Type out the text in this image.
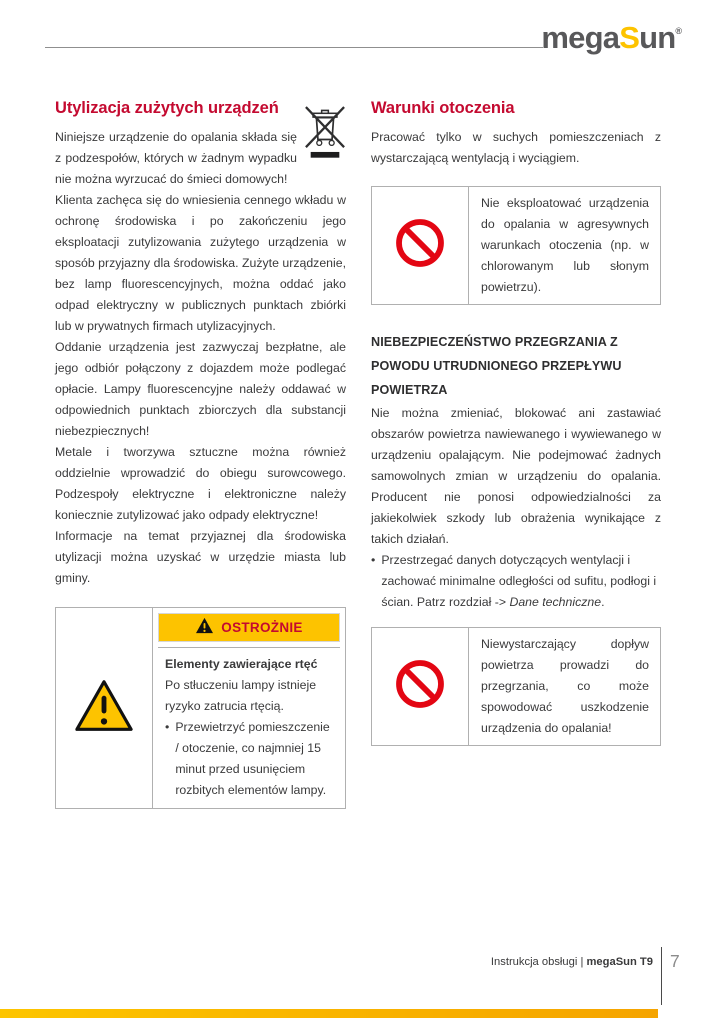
megaSun®
Utylizacja zużytych urządzeń

Niniejsze urządzenie do opalania składa się z podzespołów, których w żadnym wypadku nie można wyrzucać do śmieci domowych!

Klienta zachęca się do wniesienia cennego wkładu w ochronę środowiska i po zakończeniu jego eksploatacji zutylizowania zużytego urządzenia w sposób przyjazny dla środowiska. Zużyte urządzenie, bez lamp fluorescencyjnych, można oddać jako odpad elektryczny w publicznych punktach zbiórki lub w prywatnych firmach utylizacyjnych.

Oddanie urządzenia jest zazwyczaj bezpłatne, ale jego odbiór połączony z dojazdem może podlegać opłacie. Lampy fluorescencyjne należy oddawać w odpowiednich punktach zbiorczych dla substancji niebezpiecznych!

Metale i tworzywa sztuczne można również oddzielnie wprowadzić do obiegu surowcowego. Podzespoły elektryczne i elektroniczne należy koniecznie zutylizować jako odpady elektryczne!

Informacje na temat przyjaznej dla środowiska utylizacji można uzyskać w urzędzie miasta lub gminy.

OSTROŻNIE

Elementy zawierające rtęć

Po stłuczeniu lampy istnieje ryzyko zatrucia rtęcią.

• Przewietrzyć pomieszczenie / otoczenie, co najmniej 15 minut przed usunięciem rozbitych elementów lampy.

Warunki otoczenia

Pracować tylko w suchych pomieszczeniach z wystarczającą wentylacją i wyciągiem.

Nie eksploatować urządzenia do opalania w agresywnych warunkach otoczenia (np. w chlorowanym lub słonym powietrzu).

NIEBEZPIECZEŃSTWO PRZEGRZANIA Z POWODU UTRUDNIONEGO PRZEPŁYWU POWIETRZA

Nie można zmieniać, blokować ani zastawiać obszarów powietrza nawiewanego i wywiewanego w urządzeniu opalającym. Nie podejmować żadnych samowolnych zmian w urządzeniu do opalania. Producent nie ponosi odpowiedzialności za jakiekolwiek szkody lub obrażenia wynikające z takich działań.

• Przestrzegać danych dotyczących wentylacji i zachować minimalne odległości od sufitu, podłogi i ścian. Patrz rozdział -> Dane techniczne.

Niewystarczający dopływ powietrza prowadzi do przegrzania, co może spowodować uszkodzenie urządzenia do opalania!

Instrukcja obsługi | megaSun T9 7
